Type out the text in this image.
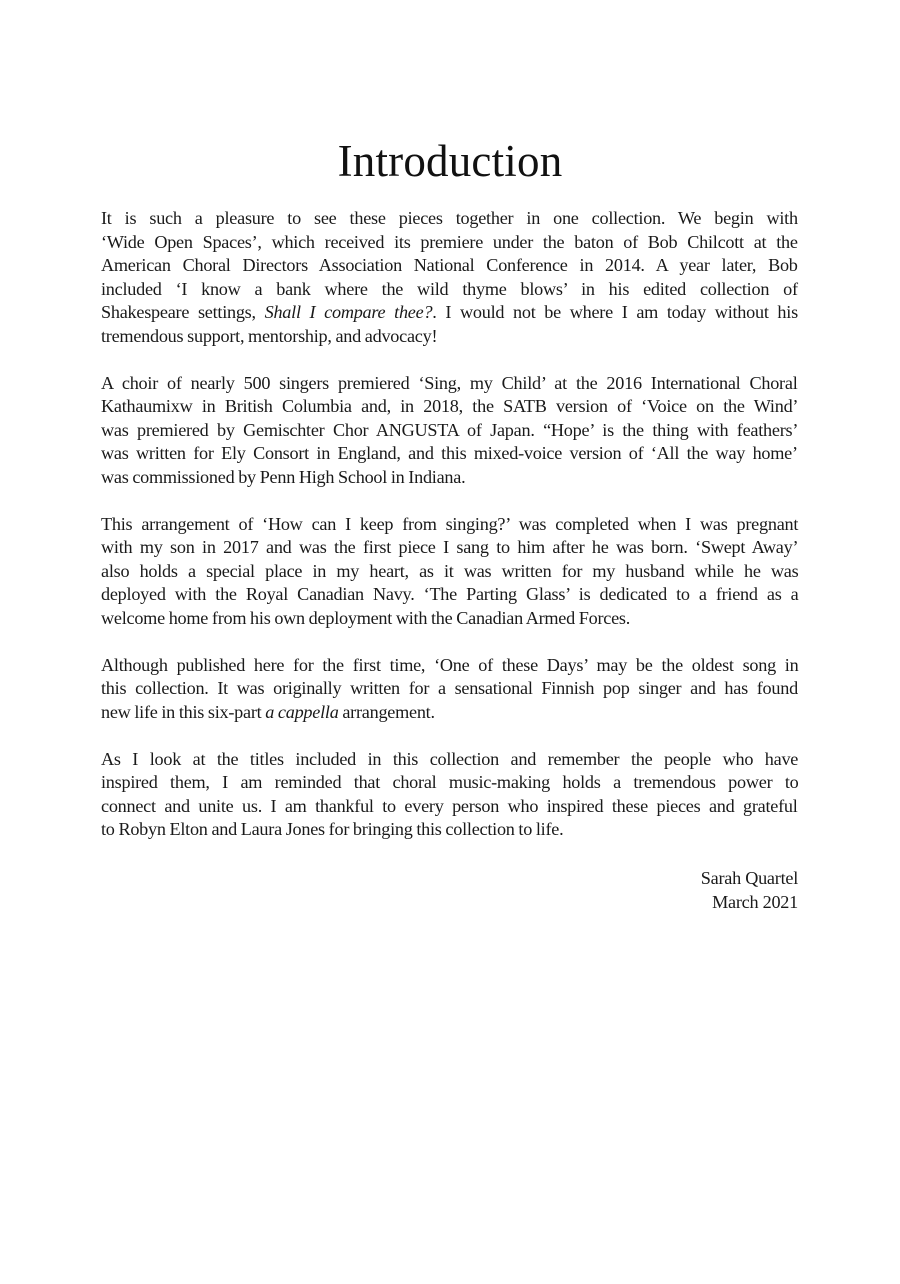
Introduction

It is such a pleasure to see these pieces together in one collection. We begin with
‘Wide Open Spaces’, which received its premiere under the baton of Bob Chilcott at the
American Choral Directors Association National Conference in 2014. A year later, Bob
included ‘I know a bank where the wild thyme blows’ in his edited collection of
Shakespeare settings, Shall I compare thee?. I would not be where I am today without his
tremendous support, mentorship, and advocacy!

A choir of nearly 500 singers premiered ‘Sing, my Child’ at the 2016 International Choral
Kathaumixw in British Columbia and, in 2018, the SATB version of ‘Voice on the Wind’
was premiered by Gemischter Chor ANGUSTA of Japan. “Hope’ is the thing with feathers’
was written for Ely Consort in England, and this mixed-voice version of ‘All the way home’
was commissioned by Penn High School in Indiana.

This arrangement of ‘How can I keep from singing?’ was completed when I was pregnant
with my son in 2017 and was the first piece I sang to him after he was born. ‘Swept Away’
also holds a special place in my heart, as it was written for my husband while he was
deployed with the Royal Canadian Navy. ‘The Parting Glass’ is dedicated to a friend as a
welcome home from his own deployment with the Canadian Armed Forces.

Although published here for the first time, ‘One of these Days’ may be the oldest song in
this collection. It was originally written for a sensational Finnish pop singer and has found
new life in this six-part a cappella arrangement.

As I look at the titles included in this collection and remember the people who have
inspired them, I am reminded that choral music-making holds a tremendous power to
connect and unite us. I am thankful to every person who inspired these pieces and grateful
to Robyn Elton and Laura Jones for bringing this collection to life.

Sarah Quartel
March 2021
